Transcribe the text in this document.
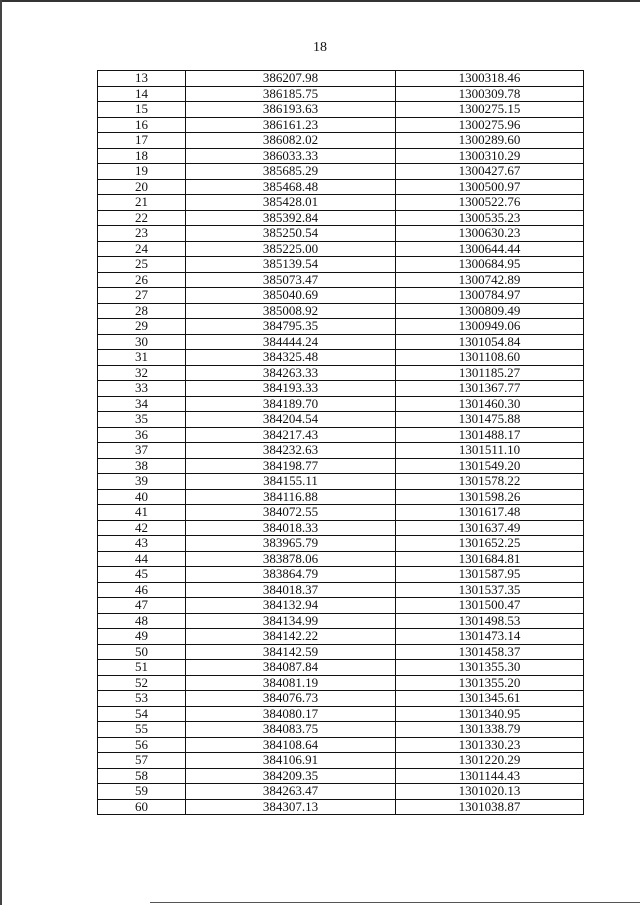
18
13	386207.98	1300318.46
14	386185.75	1300309.78
15	386193.63	1300275.15
16	386161.23	1300275.96
17	386082.02	1300289.60
18	386033.33	1300310.29
19	385685.29	1300427.67
20	385468.48	1300500.97
21	385428.01	1300522.76
22	385392.84	1300535.23
23	385250.54	1300630.23
24	385225.00	1300644.44
25	385139.54	1300684.95
26	385073.47	1300742.89
27	385040.69	1300784.97
28	385008.92	1300809.49
29	384795.35	1300949.06
30	384444.24	1301054.84
31	384325.48	1301108.60
32	384263.33	1301185.27
33	384193.33	1301367.77
34	384189.70	1301460.30
35	384204.54	1301475.88
36	384217.43	1301488.17
37	384232.63	1301511.10
38	384198.77	1301549.20
39	384155.11	1301578.22
40	384116.88	1301598.26
41	384072.55	1301617.48
42	384018.33	1301637.49
43	383965.79	1301652.25
44	383878.06	1301684.81
45	383864.79	1301587.95
46	384018.37	1301537.35
47	384132.94	1301500.47
48	384134.99	1301498.53
49	384142.22	1301473.14
50	384142.59	1301458.37
51	384087.84	1301355.30
52	384081.19	1301355.20
53	384076.73	1301345.61
54	384080.17	1301340.95
55	384083.75	1301338.79
56	384108.64	1301330.23
57	384106.91	1301220.29
58	384209.35	1301144.43
59	384263.47	1301020.13
60	384307.13	1301038.87
